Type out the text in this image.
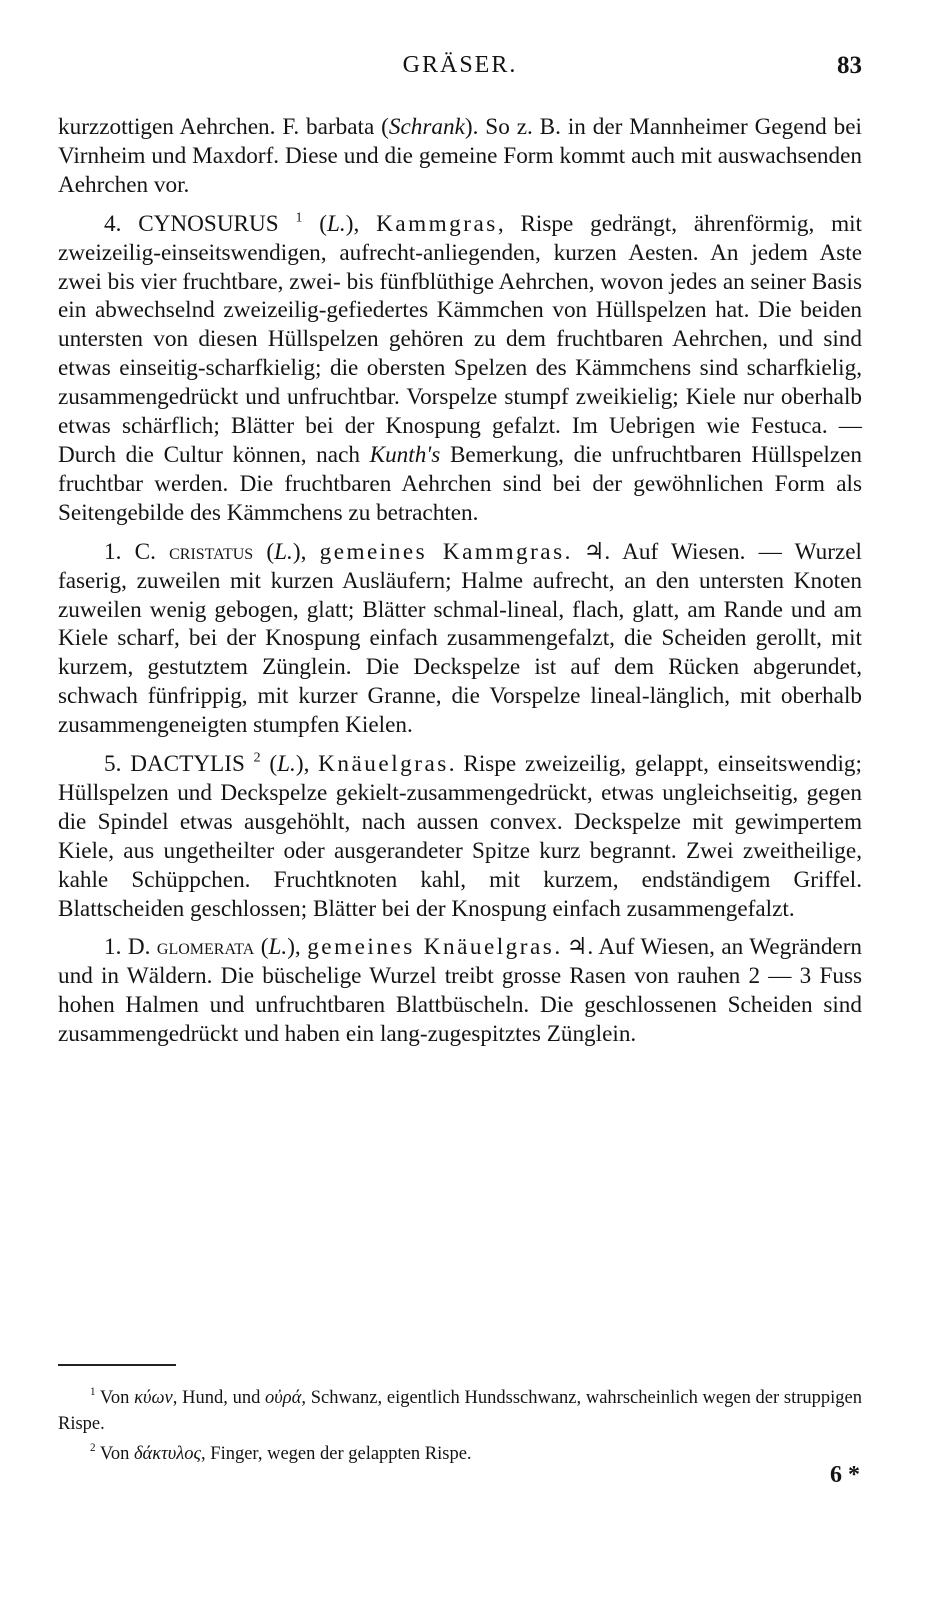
GRÄSER.	83

kurzzottigen Aehrchen. F. barbata (Schrank). So z. B. in der Mannheimer Gegend bei Virnheim und Maxdorf. Diese und die gemeine Form kommt auch mit auswachsenden Aehrchen vor.

4. CYNOSURUS $^1$ (L.), Kammgras, Rispe gedrängt, ährenförmig, mit zweizeilig-einseitswendigen, aufrecht-anliegenden, kurzen Aesten. An jedem Aste zwei bis vier fruchtbare, zwei- bis fünfblüthige Aehrchen, wovon jedes an seiner Basis ein abwechselnd zweizeilig-gefiedertes Kämmchen von Hüllspelzen hat. Die beiden untersten von diesen Hüllspelzen gehören zu dem fruchtbaren Aehrchen, und sind etwas einseitig-scharfkielig; die obersten Spelzen des Kämmchens sind scharfkielig, zusammengedrückt und unfruchtbar. Vorspelze stumpf zweikielig; Kiele nur oberhalb etwas schärflich; Blätter bei der Knospung gefalzt. Im Uebrigen wie Festuca. — Durch die Cultur können, nach Kunth's Bemerkung, die unfruchtbaren Hüllspelzen fruchtbar werden. Die fruchtbaren Aehrchen sind bei der gewöhnlichen Form als Seitengebilde des Kämmchens zu betrachten.

1. C. cristatus (L.), gemeines Kammgras. ♃. Auf Wiesen. — Wurzel faserig, zuweilen mit kurzen Ausläufern; Halme aufrecht, an den untersten Knoten zuweilen wenig gebogen, glatt; Blätter schmal-lineal, flach, glatt, am Rande und am Kiele scharf, bei der Knospung einfach zusammengefalzt, die Scheiden gerollt, mit kurzem, gestutztem Zünglein. Die Deckspelze ist auf dem Rücken abgerundet, schwach fünfrippig, mit kurzer Granne, die Vorspelze lineal-länglich, mit oberhalb zusammengeneigten stumpfen Kielen.

5. DACTYLIS $^2$ (L.), Knäuelgras. Rispe zweizeilig, gelappt, einseitswendig; Hüllspelzen und Deckspelze gekielt-zusammengedrückt, etwas ungleichseitig, gegen die Spindel etwas ausgehöhlt, nach aussen convex. Deckspelze mit gewimpertem Kiele, aus ungetheilter oder ausgerandeter Spitze kurz begrannt. Zwei zweitheilige, kahle Schüppchen. Fruchtknoten kahl, mit kurzem, endständigem Griffel. Blattscheiden geschlossen; Blätter bei der Knospung einfach zusammengefalzt.

1. D. glomerata (L.), gemeines Knäuelgras. ♃. Auf Wiesen, an Wegrändern und in Wäldern. Die büschelige Wurzel treibt grosse Rasen von rauhen 2 — 3 Fuss hohen Halmen und unfruchtbaren Blattbüscheln. Die geschlossenen Scheiden sind zusammengedrückt und haben ein lang-zugespitztes Zünglein.

$^1$ Von κύων, Hund, und οὐρά, Schwanz, eigentlich Hundsschwanz, wahrscheinlich wegen der struppigen Rispe.

$^2$ Von δάκτυλος, Finger, wegen der gelappten Rispe.

6 *
